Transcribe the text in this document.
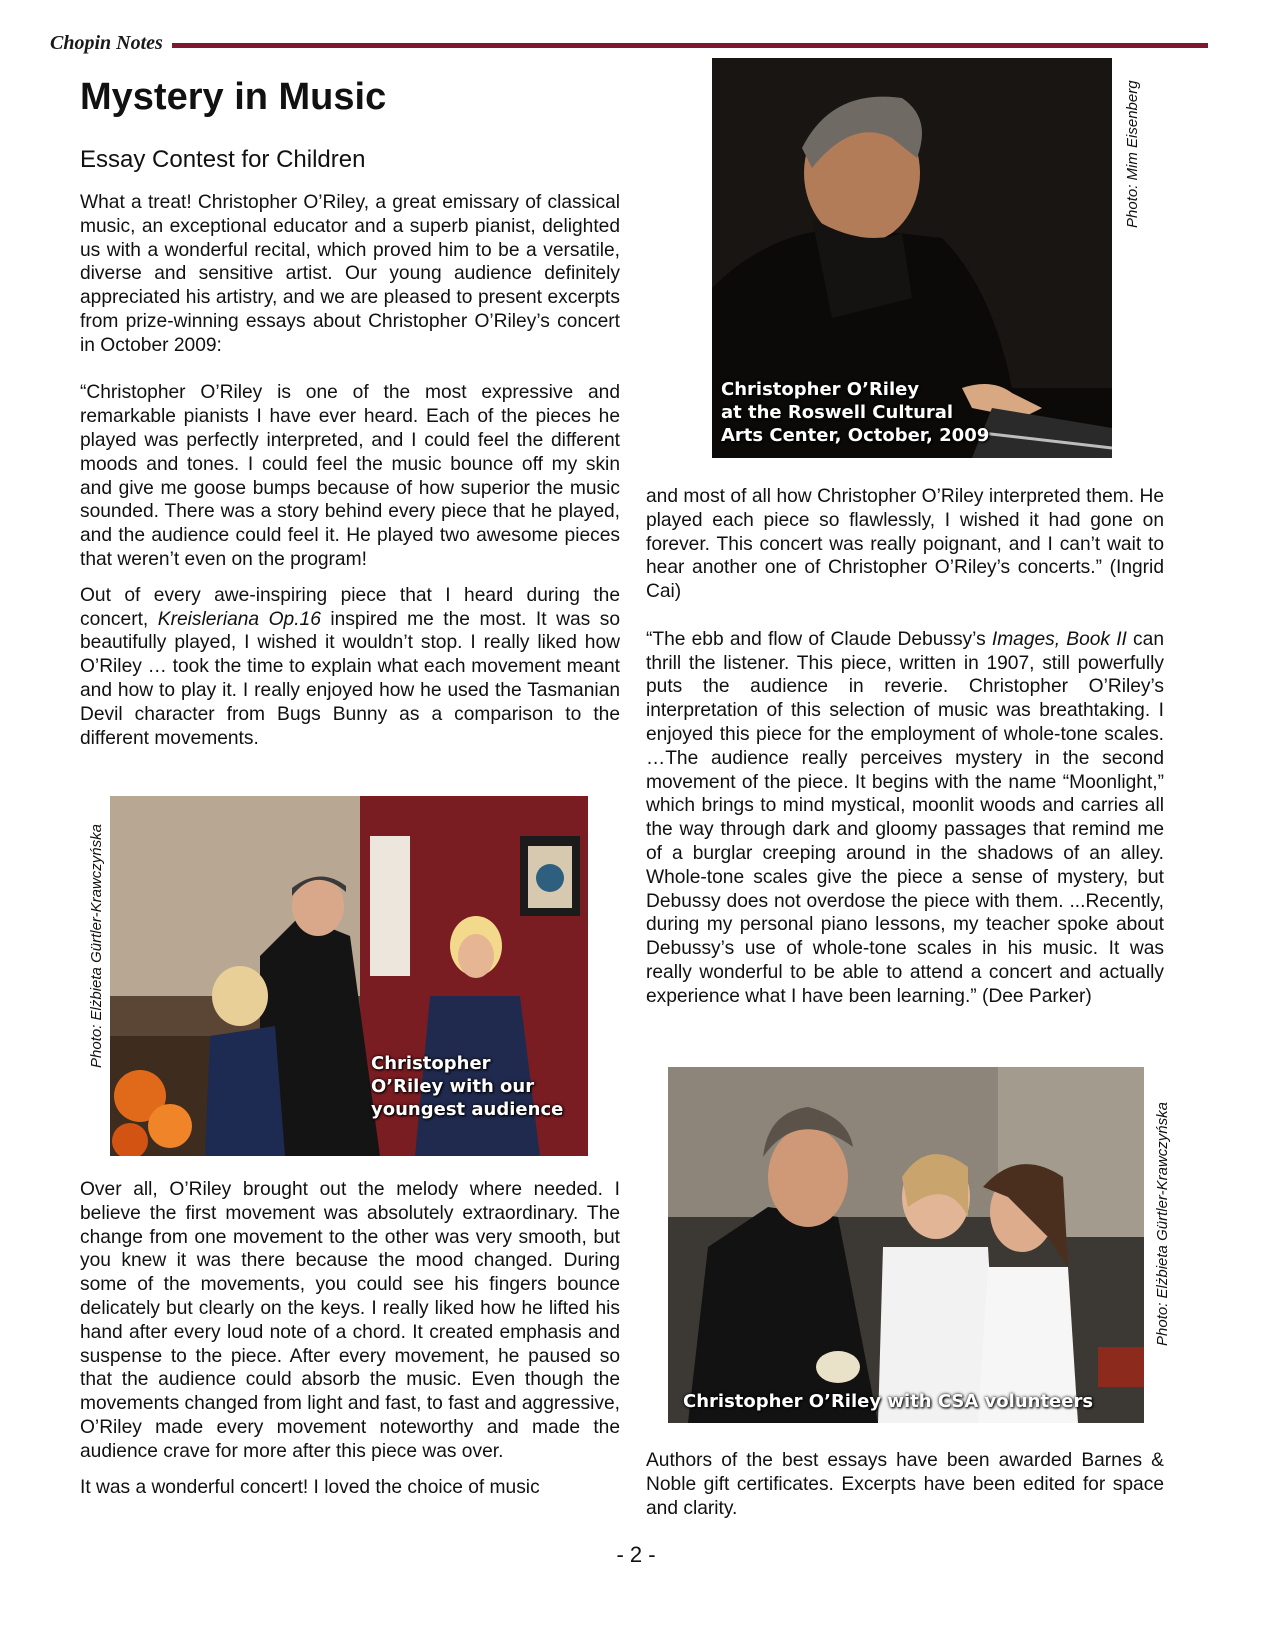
Chopin Notes
Mystery in Music
Essay Contest for Children

What a treat! Christopher O’Riley, a great emissary of classical music, an exceptional educator and a superb pianist, delighted us with a wonderful recital, which proved him to be a versatile, diverse and sensitive artist. Our young audience definitely appreciated his artistry, and we are pleased to present excerpts from prize-winning essays about Christopher O’Riley’s concert in October 2009:

“Christopher O’Riley is one of the most expressive and remarkable pianists I have ever heard. Each of the pieces he played was perfectly interpreted, and I could feel the different moods and tones. I could feel the music bounce off my skin and give me goose bumps because of how superior the music sounded. There was a story behind every piece that he played, and the audience could feel it. He played two awesome pieces that weren’t even on the program!

Out of every awe-inspiring piece that I heard during the concert, Kreisleriana Op.16 inspired me the most. It was so beautifully played, I wished it wouldn’t stop. I really liked how O’Riley … took the time to explain what each movement meant and how to play it. I really enjoyed how he used the Tasmanian Devil character from Bugs Bunny as a comparison to the different movements.

Photo: Elżbieta Gürtler-Krawczyńska	Christopher
O’Riley with our
youngest audience

Over all, O’Riley brought out the melody where needed. I believe the first movement was absolutely extraordinary. The change from one movement to the other was very smooth, but you knew it was there because the mood changed. During some of the movements, you could see his fingers bounce delicately but clearly on the keys. I really liked how he lifted his hand after every loud note of a chord. It created emphasis and suspense to the piece. After every movement, he paused so that the audience could absorb the music. Even though the movements changed from light and fast, to fast and aggressive, O’Riley made every movement noteworthy and made the audience crave for more after this piece was over.

It was a wonderful concert! I loved the choice of music

Christopher O’Riley
at the Roswell Cultural
Arts Center, October, 2009
Photo: Mim Eisenberg

and most of all how Christopher O’Riley interpreted them. He played each piece so flawlessly, I wished it had gone on forever. This concert was really poignant, and I can’t wait to hear another one of Christopher O’Riley’s concerts.” (Ingrid Cai)

“The ebb and flow of Claude Debussy’s Images, Book II can thrill the listener. This piece, written in 1907, still powerfully puts the audience in reverie. Christopher O’Riley’s interpretation of this selection of music was breathtaking. I enjoyed this piece for the employment of whole-tone scales. …The audience really perceives mystery in the second movement of the piece. It begins with the name “Moonlight,” which brings to mind mystical, moonlit woods and carries all the way through dark and gloomy passages that remind me of a burglar creeping around in the shadows of an alley. Whole-tone scales give the piece a sense of mystery, but Debussy does not overdose the piece with them. ...Recently, during my personal piano lessons, my teacher spoke about Debussy’s use of whole-tone scales in his music. It was really wonderful to be able to attend a concert and actually experience what I have been learning.” (Dee Parker)

Christopher O’Riley with CSA volunteers
Photo: Elżbieta Gürtler-Krawczyńska

Authors of the best essays have been awarded Barnes & Noble gift certificates. Excerpts have been edited for space and clarity.

- 2 -
